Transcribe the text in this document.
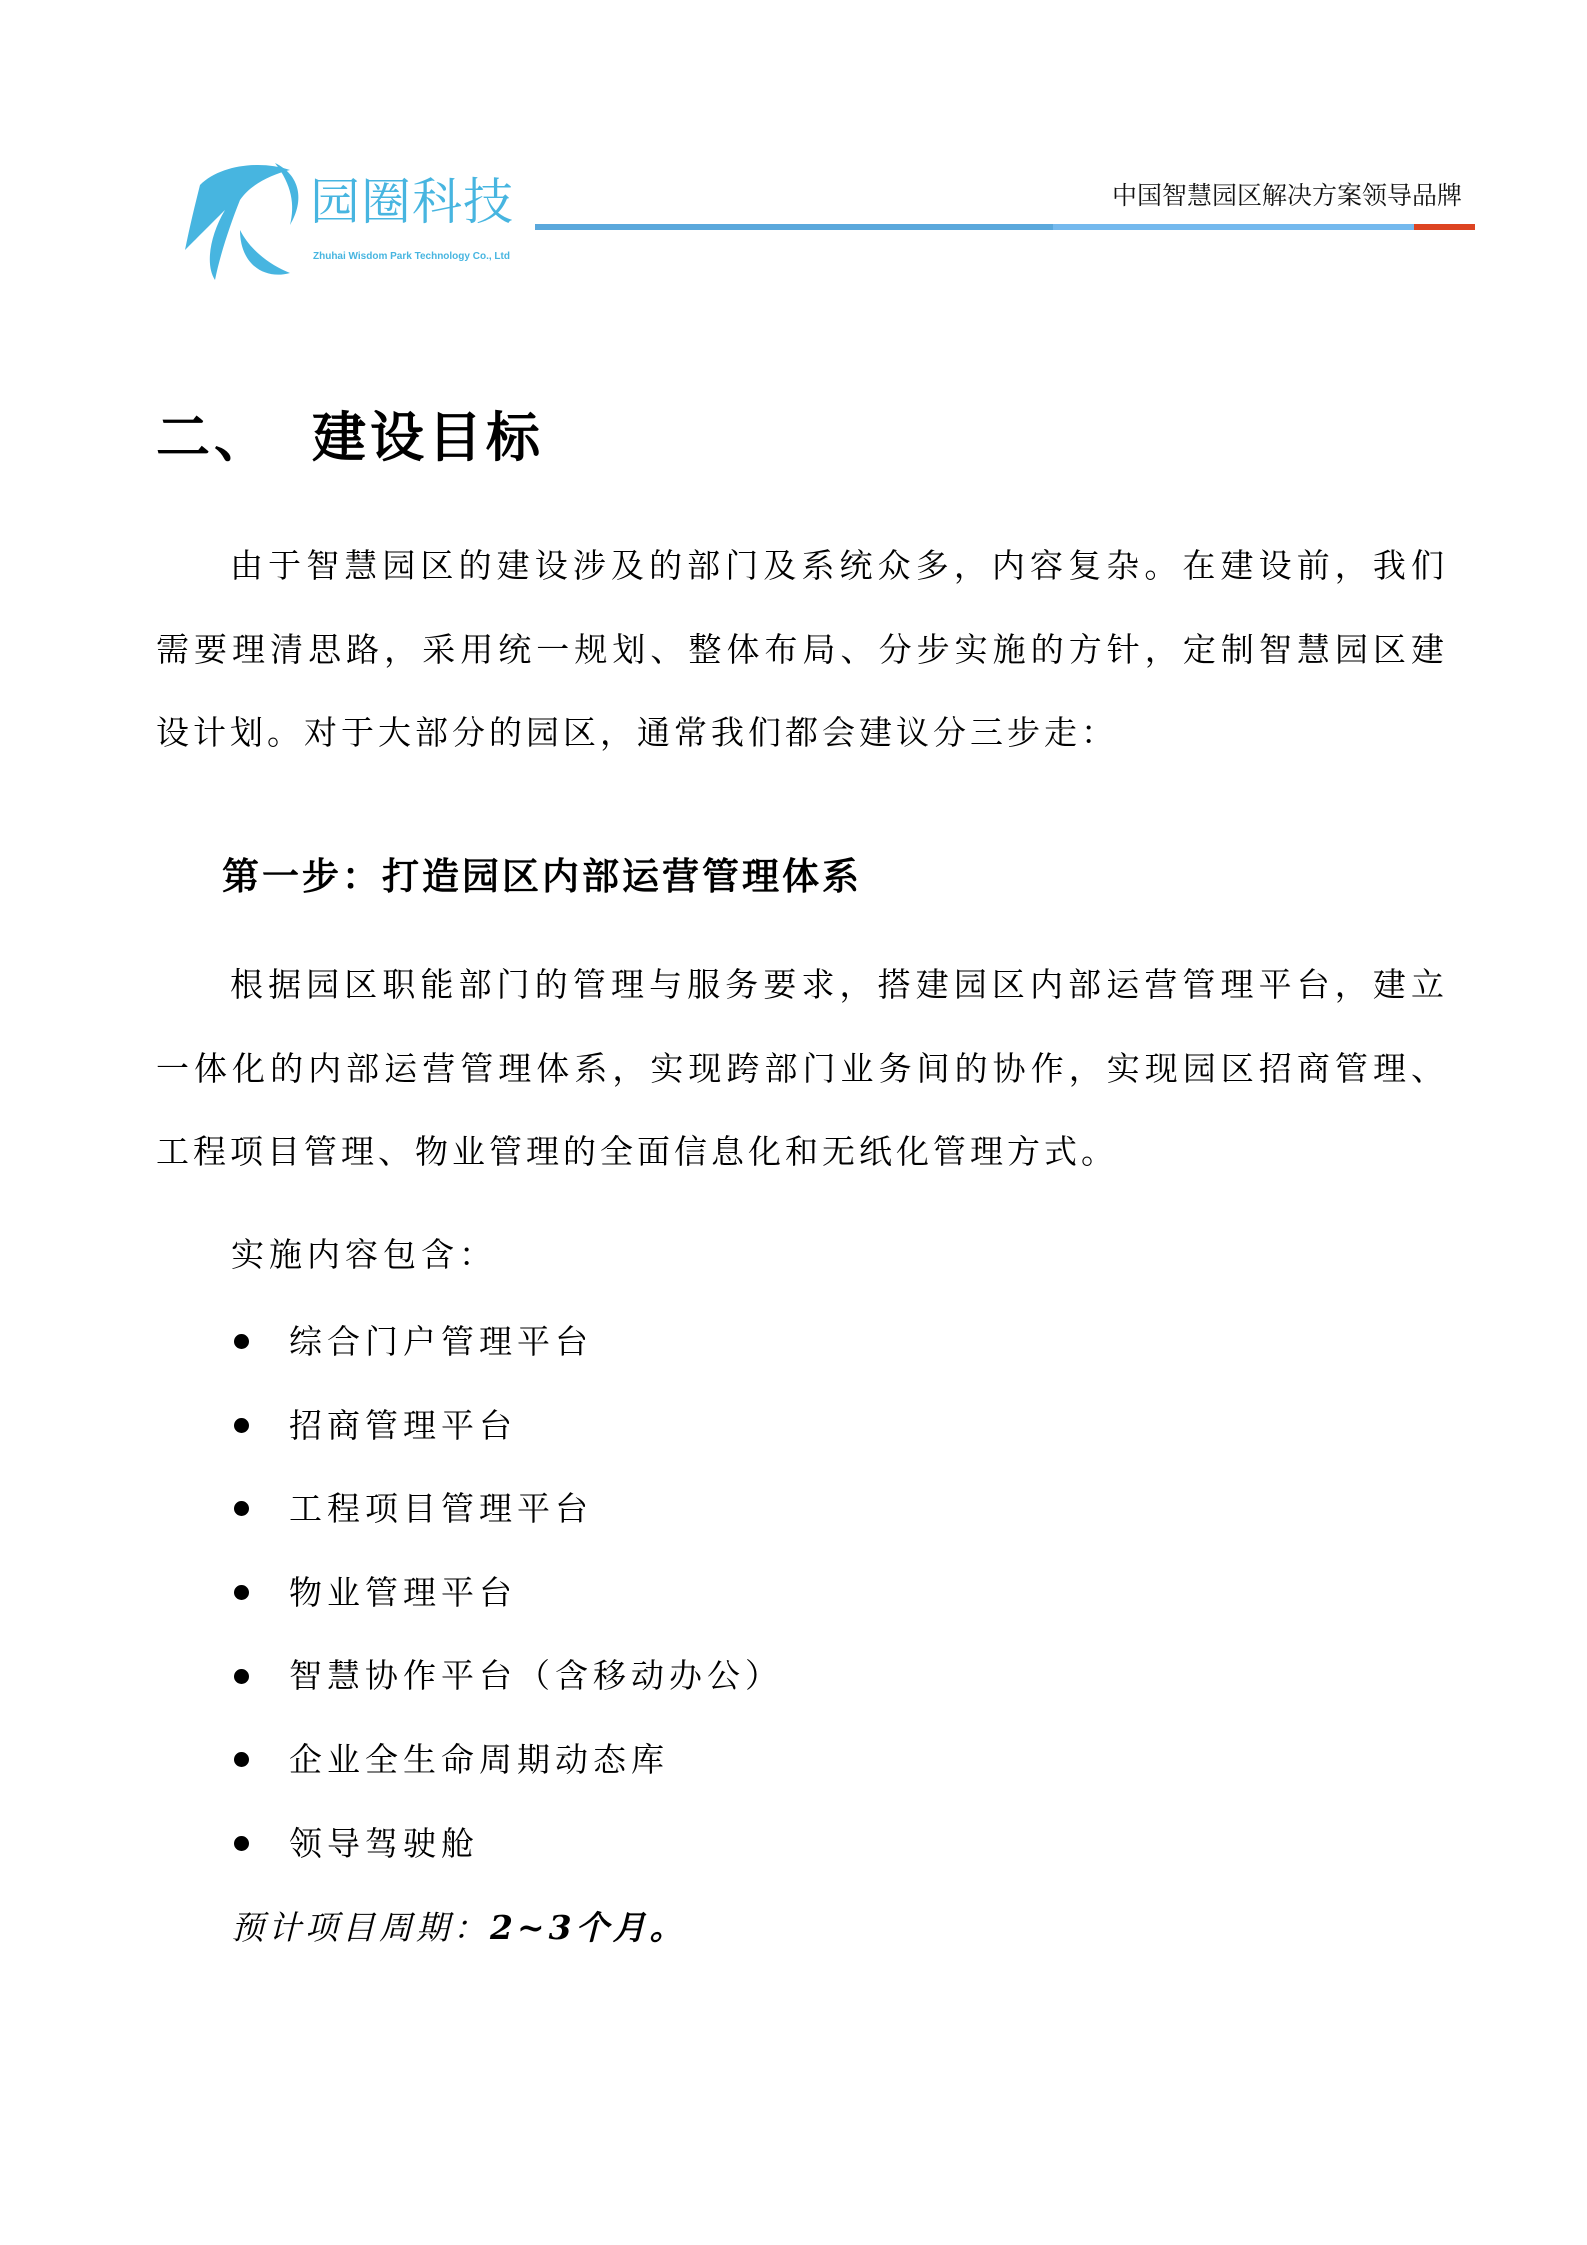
园圈科技
Zhuhai Wisdom Park Technology Co., Ltd
中国智慧园区解决方案领导品牌
二、 建设目标

由于智慧园区的建设涉及的部门及系统众多，内容复杂。在建设前，我们需要理清思路，采用统一规划、整体布局、分步实施的方针，定制智慧园区建设计划。对于大部分的园区，通常我们都会建议分三步走：

第一步：打造园区内部运营管理体系

根据园区职能部门的管理与服务要求，搭建园区内部运营管理平台，建立一体化的内部运营管理体系，实现跨部门业务间的协作，实现园区招商管理、工程项目管理、物业管理的全面信息化和无纸化管理方式。

实施内容包含：
综合门户管理平台
招商管理平台
工程项目管理平台
物业管理平台
智慧协作平台（含移动办公）
企业全生命周期动态库
领导驾驶舱
预计项目周期：2~3个月。
